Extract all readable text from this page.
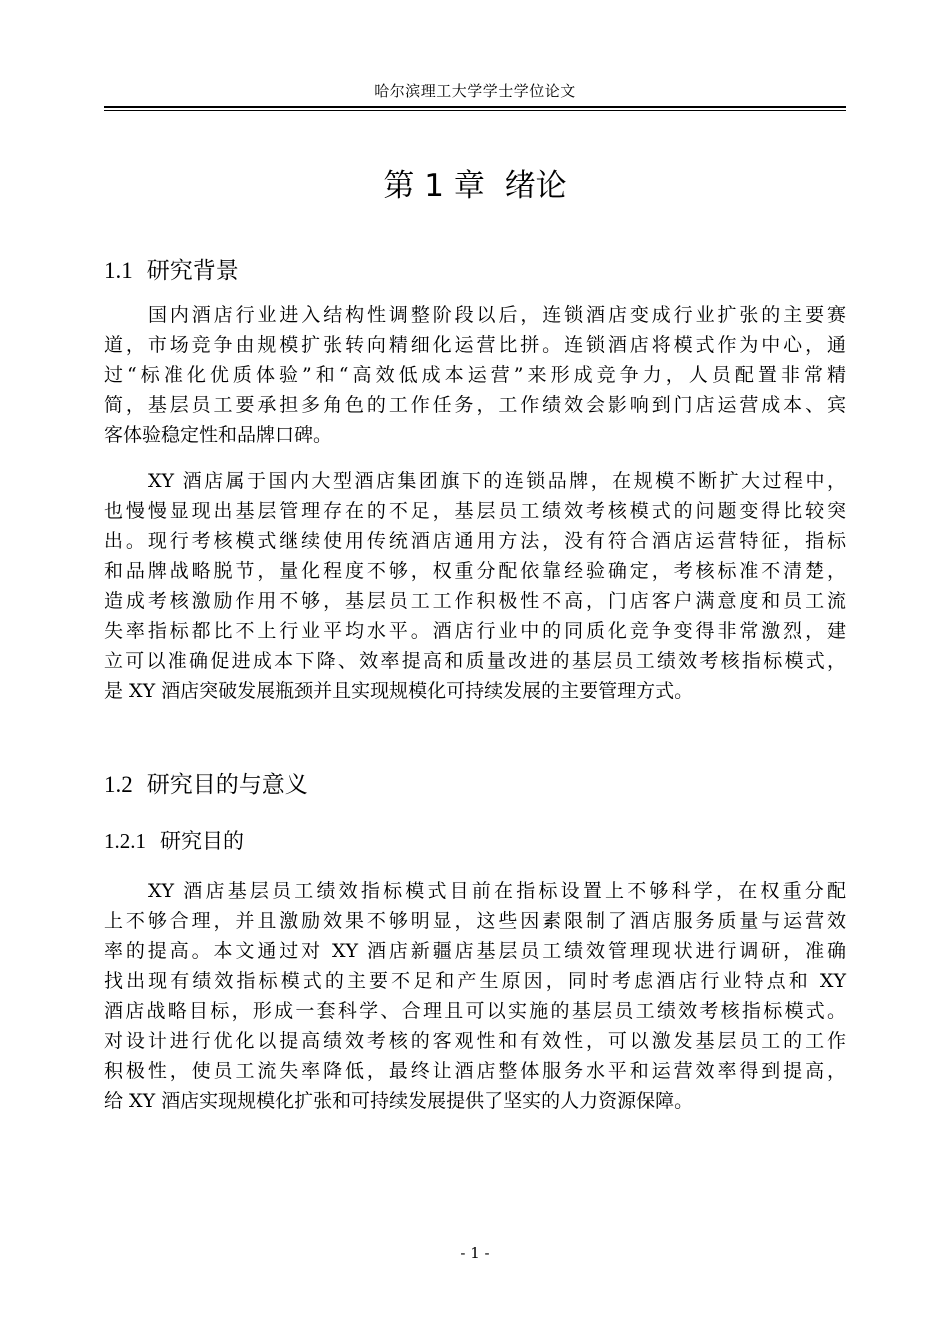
哈尔滨理工大学学士学位论文
第 1 章 绪论
1.1 研究背景
国内酒店行业进入结构性调整阶段以后，连锁酒店变成行业扩张的主要赛
道，市场竞争由规模扩张转向精细化运营比拼。连锁酒店将模式作为中心，通
过“标准化优质体验”和“高效低成本运营”来形成竞争力，人员配置非常精
简，基层员工要承担多角色的工作任务，工作绩效会影响到门店运营成本、宾
客体验稳定性和品牌口碑。
XY 酒店属于国内大型酒店集团旗下的连锁品牌，在规模不断扩大过程中，
也慢慢显现出基层管理存在的不足，基层员工绩效考核模式的问题变得比较突
出。现行考核模式继续使用传统酒店通用方法，没有符合酒店运营特征，指标
和品牌战略脱节，量化程度不够，权重分配依靠经验确定，考核标准不清楚，
造成考核激励作用不够，基层员工工作积极性不高，门店客户满意度和员工流
失率指标都比不上行业平均水平。酒店行业中的同质化竞争变得非常激烈，建
立可以准确促进成本下降、效率提高和质量改进的基层员工绩效考核指标模式，
是 XY 酒店突破发展瓶颈并且实现规模化可持续发展的主要管理方式。
1.2 研究目的与意义
1.2.1 研究目的
XY 酒店基层员工绩效指标模式目前在指标设置上不够科学，在权重分配
上不够合理，并且激励效果不够明显，这些因素限制了酒店服务质量与运营效
率的提高。本文通过对 XY 酒店新疆店基层员工绩效管理现状进行调研，准确
找出现有绩效指标模式的主要不足和产生原因，同时考虑酒店行业特点和 XY
酒店战略目标，形成一套科学、合理且可以实施的基层员工绩效考核指标模式。
对设计进行优化以提高绩效考核的客观性和有效性，可以激发基层员工的工作
积极性，使员工流失率降低，最终让酒店整体服务水平和运营效率得到提高，
给 XY 酒店实现规模化扩张和可持续发展提供了坚实的人力资源保障。
- 1 -
